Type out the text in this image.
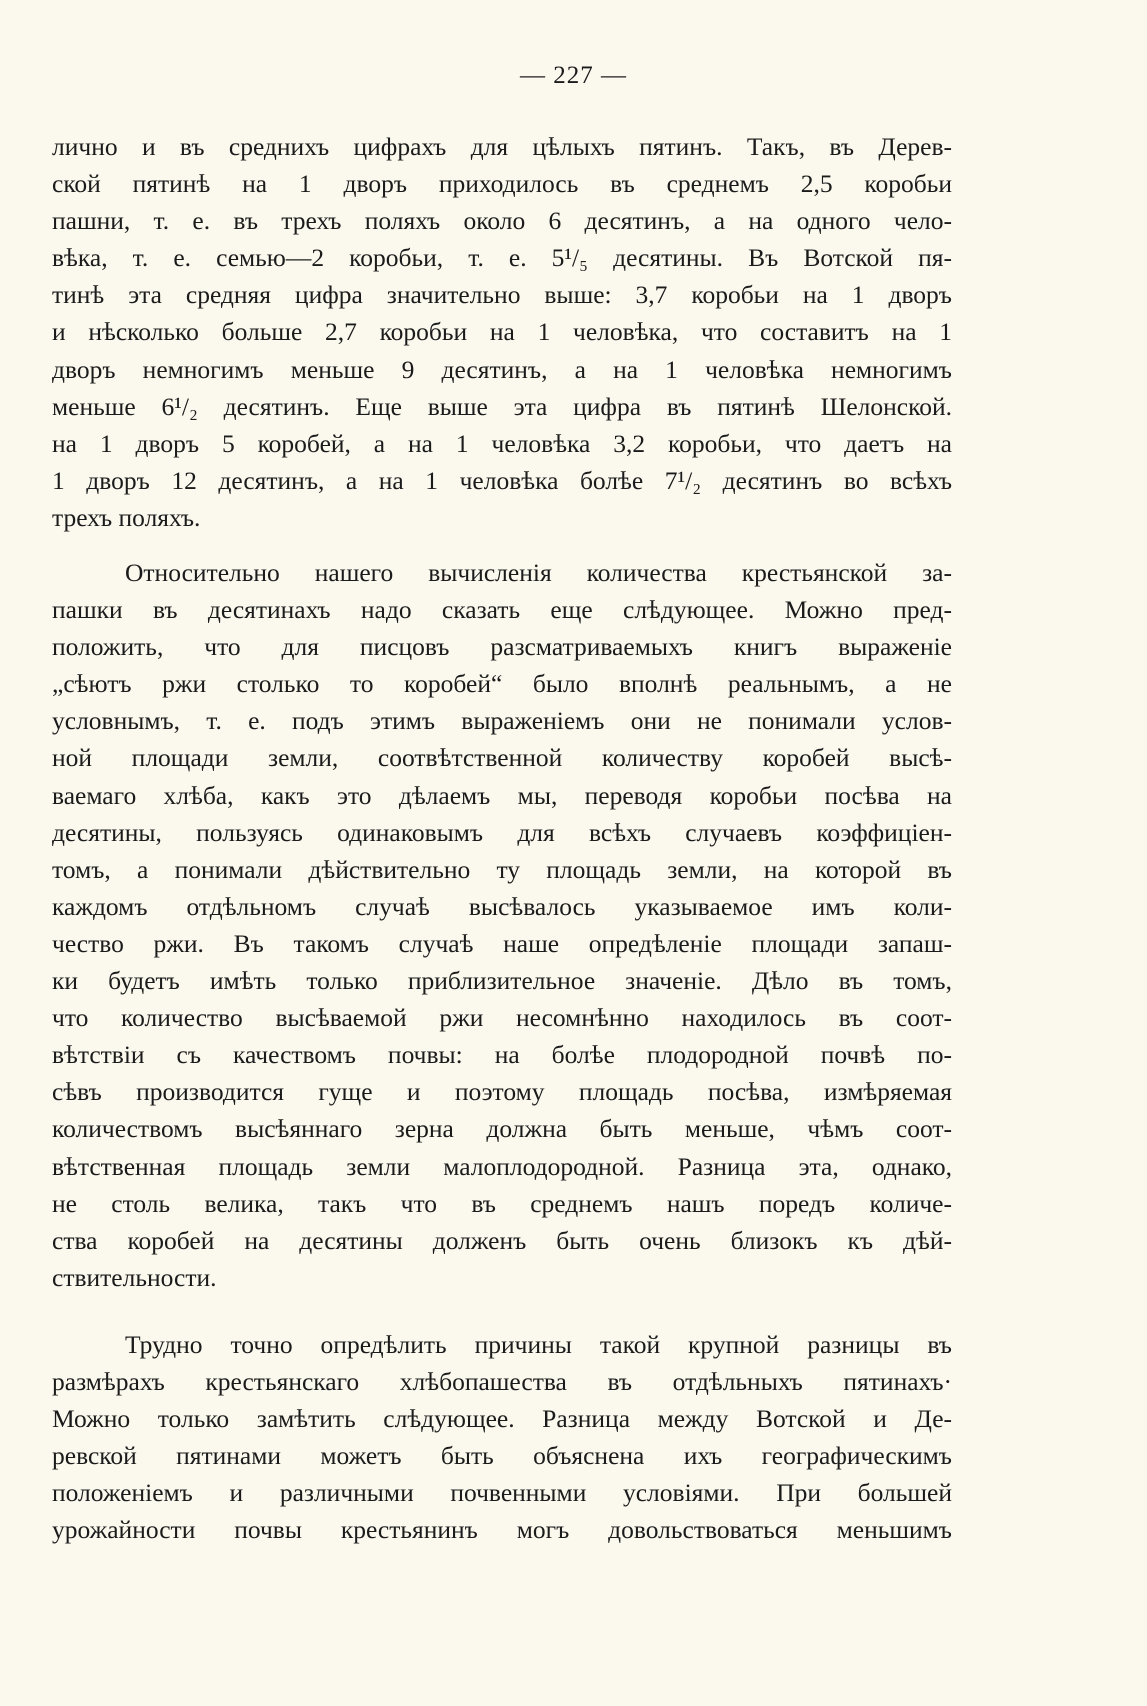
— 227 —
лично и въ среднихъ цифрахъ для цѣлыхъ пятинъ. Такъ, въ Дерев-
ской пятинѣ на 1 дворъ приходилось въ среднемъ 2,5 коробьи
пашни, т. е. въ трехъ поляхъ около 6 десятинъ, а на одного чело-
вѣка, т. е. семью—2 коробьи, т. е. 5¹/₅ десятины. Въ Вотской пя-
тинѣ эта средняя цифра значительно выше: 3,7 коробьи на 1 дворъ
и нѣсколько больше 2,7 коробьи на 1 человѣка, что составитъ на 1
дворъ немногимъ меньше 9 десятинъ, а на 1 человѣка немногимъ
меньше 6¹/₂ десятинъ. Еще выше эта цифра въ пятинѣ Шелонской.
на 1 дворъ 5 коробей, а на 1 человѣка 3,2 коробьи, что даетъ на
1 дворъ 12 десятинъ, а на 1 человѣка болѣе 7¹/₂ десятинъ во всѣхъ
трехъ поляхъ.
Относительно нашего вычисленія количества крестьянской за-
пашки въ десятинахъ надо сказать еще слѣдующее. Можно пред-
положить, что для писцовъ разсматриваемыхъ книгъ выраженіе
„сѣютъ ржи столько то коробей“ было вполнѣ реальнымъ, а не
условнымъ, т. е. подъ этимъ выраженіемъ они не понимали услов-
ной площади земли, соотвѣтственной количеству коробей высѣ-
ваемаго хлѣба, какъ это дѣлаемъ мы, переводя коробьи посѣва на
десятины, пользуясь одинаковымъ для всѣхъ случаевъ коэффиціен-
томъ, а понимали дѣйствительно ту площадь земли, на которой въ
каждомъ отдѣльномъ случаѣ высѣвалось указываемое имъ коли-
чество ржи. Въ такомъ случаѣ наше опредѣленіе площади запаш-
ки будетъ имѣть только приблизительное значеніе. Дѣло въ томъ,
что количество высѣваемой ржи несомнѣнно находилось въ соот-
вѣтствіи съ качествомъ почвы: на болѣе плодородной почвѣ по-
сѣвъ производится гуще и поэтому площадь посѣва, измѣряемая
количествомъ высѣяннаго зерна должна быть меньше, чѣмъ соот-
вѣтственная площадь земли малоплодородной. Разница эта, однако,
не столь велика, такъ что въ среднемъ нашъ поредъ количе-
ства коробей на десятины долженъ быть очень близокъ къ дѣй-
ствительности.
Трудно точно опредѣлить причины такой крупной разницы въ
размѣрахъ крестьянскаго хлѣбопашества въ отдѣльныхъ пятинахъ·
Можно только замѣтить слѣдующее. Разница между Вотской и Де-
ревской пятинами можетъ быть объяснена ихъ географическимъ
положеніемъ и различными почвенными условіями. При большей
урожайности почвы крестьянинъ могъ довольствоваться меньшимъ
